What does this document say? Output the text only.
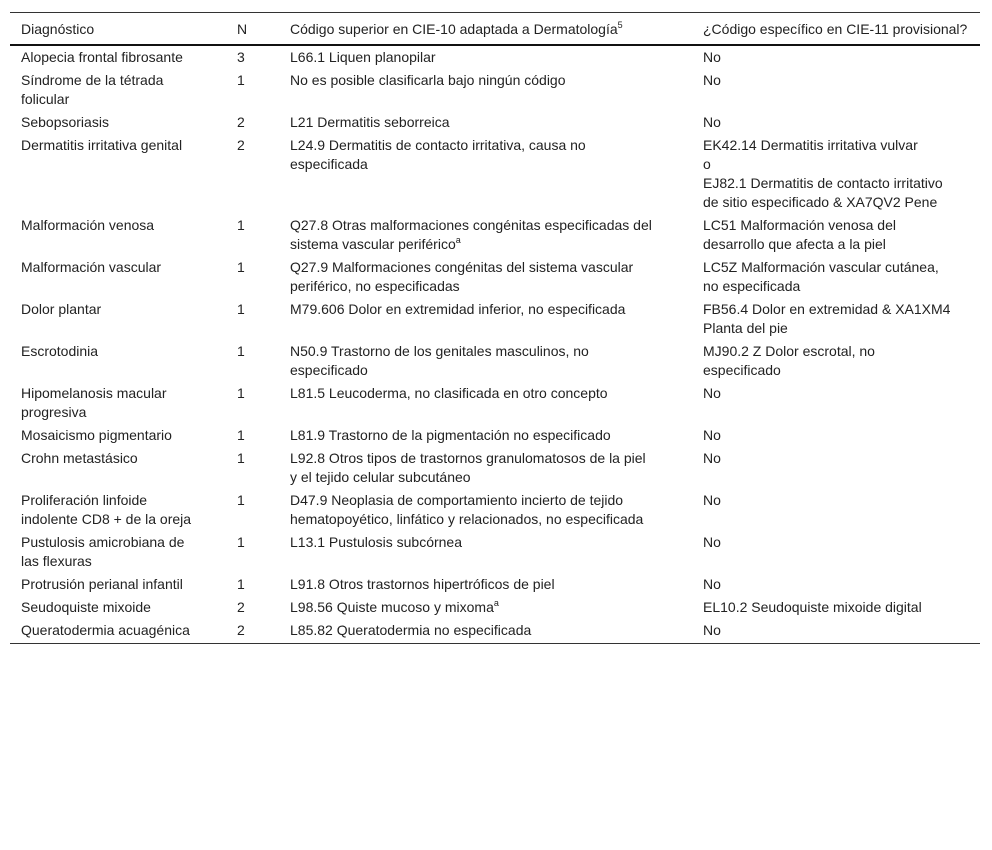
Diagnóstico	N	Código superior en CIE-10 adaptada a Dermatología$^5$	¿Código específico en CIE-11 provisional?
Alopecia frontal fibrosante	3	L66.1 Liquen planopilar	No
Síndrome de la tétrada folicular	1	No es posible clasificarla bajo ningún código	No
Sebopsoriasis	2	L21 Dermatitis seborreica	No
Dermatitis irritativa genital	2	L24.9 Dermatitis de contacto irritativa, causa no especificada	EK42.14 Dermatitis irritativa vulvar
o
EJ82.1 Dermatitis de contacto irritativo de sitio especificado & XA7QV2 Pene
Malformación venosa	1	Q27.8 Otras malformaciones congénitas especificadas del sistema vascular periférico$^a$	LC51 Malformación venosa del desarrollo que afecta a la piel
Malformación vascular	1	Q27.9 Malformaciones congénitas del sistema vascular periférico, no especificadas	LC5Z Malformación vascular cutánea, no especificada
Dolor plantar	1	M79.606 Dolor en extremidad inferior, no especificada	FB56.4 Dolor en extremidad & XA1XM4 Planta del pie
Escrotodinia	1	N50.9 Trastorno de los genitales masculinos, no especificado	MJ90.2 Z Dolor escrotal, no especificado
Hipomelanosis macular progresiva	1	L81.5 Leucoderma, no clasificada en otro concepto	No
Mosaicismo pigmentario	1	L81.9 Trastorno de la pigmentación no especificado	No
Crohn metastásico	1	L92.8 Otros tipos de trastornos granulomatosos de la piel y el tejido celular subcutáneo	No
Proliferación linfoide indolente CD8 + de la oreja	1	D47.9 Neoplasia de comportamiento incierto de tejido hematopoyético, linfático y relacionados, no especificada	No
Pustulosis amicrobiana de las flexuras	1	L13.1 Pustulosis subcórnea	No
Protrusión perianal infantil	1	L91.8 Otros trastornos hipertróficos de piel	No
Seudoquiste mixoide	2	L98.56 Quiste mucoso y mixoma$^a$	EL10.2 Seudoquiste mixoide digital
Queratodermia acuagénica	2	L85.82 Queratodermia no especificada	No
